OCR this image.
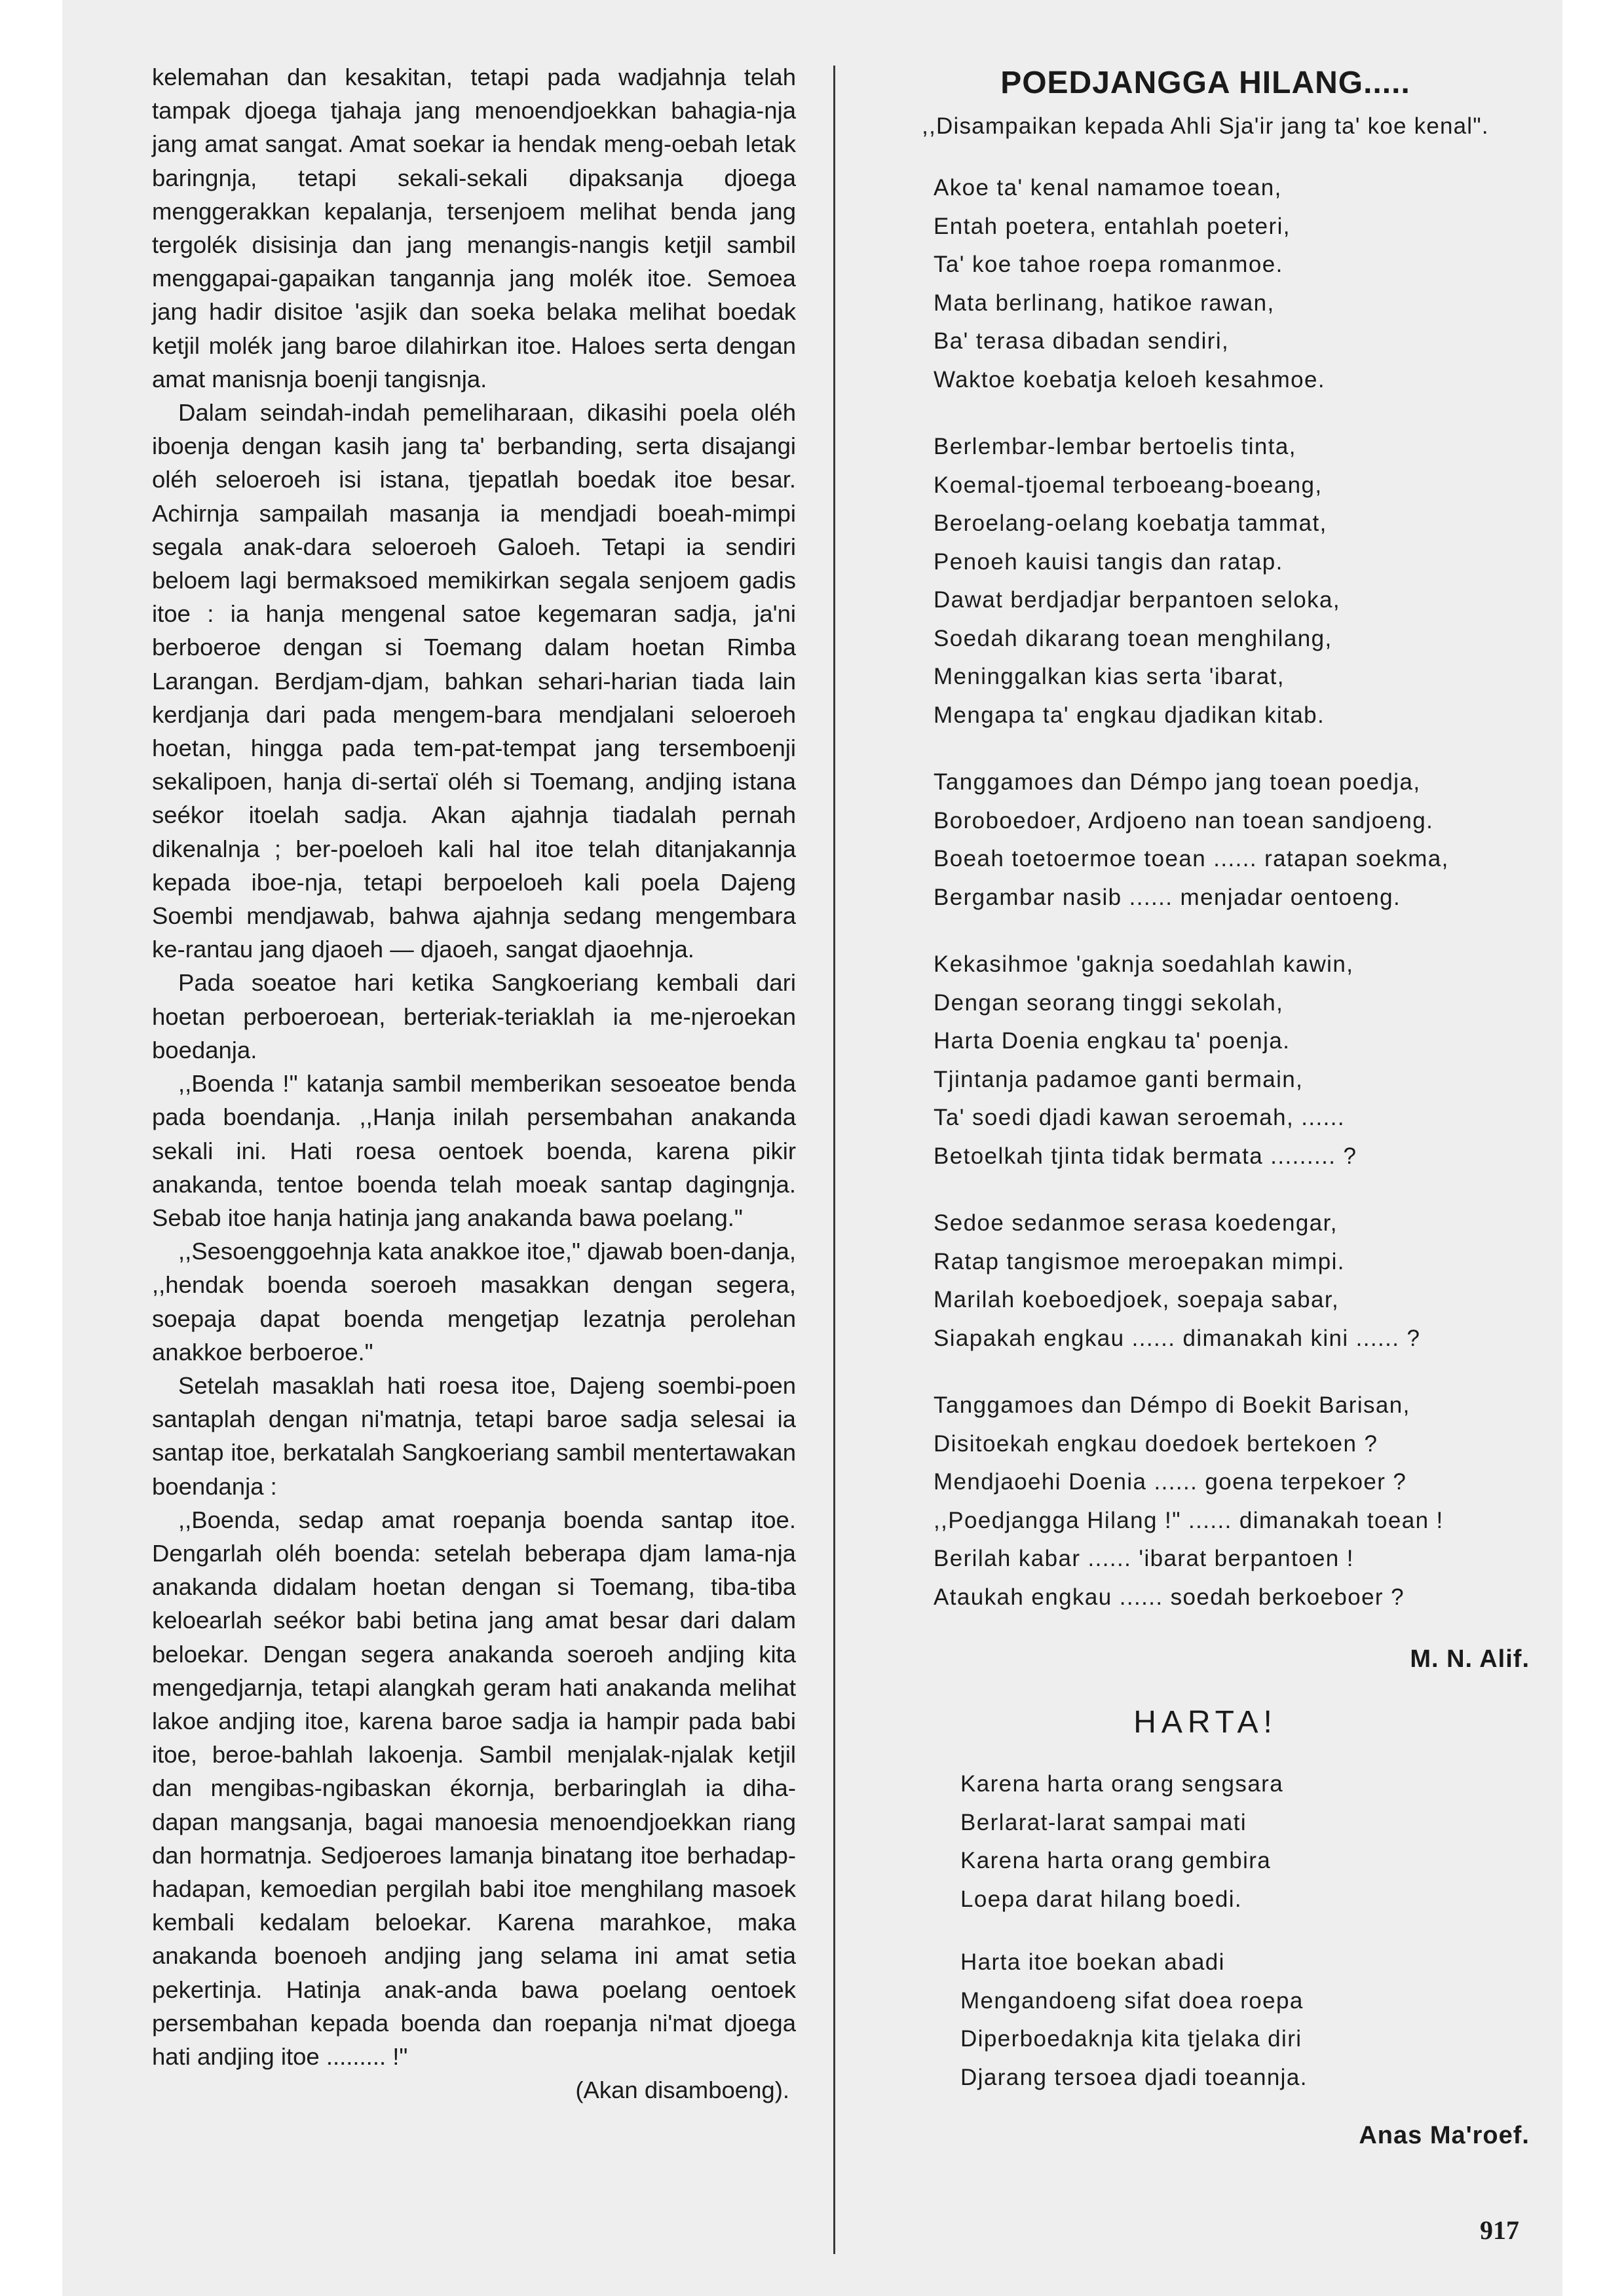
kelemahan dan kesakitan, tetapi pada wadjahnja telah tampak djoega tjahaja jang menoendjoekkan bahagia-nja jang amat sangat. Amat soekar ia hendak meng-oebah letak baringnja, tetapi sekali-sekali dipaksanja djoega menggerakkan kepalanja, tersenjoem melihat benda jang tergolék disisinja dan jang menangis-nangis ketjil sambil menggapai-gapaikan tangannja jang molék itoe. Semoea jang hadir disitoe 'asjik dan soeka belaka melihat boedak ketjil molék jang baroe dilahirkan itoe. Haloes serta dengan amat manisnja boenji tangisnja.

Dalam seindah-indah pemeliharaan, dikasihi poela oléh iboenja dengan kasih jang ta' berbanding, serta disajangi oléh seloeroeh isi istana, tjepatlah boedak itoe besar. Achirnja sampailah masanja ia mendjadi boeah-mimpi segala anak-dara seloeroeh Galoeh. Tetapi ia sendiri beloem lagi bermaksoed memikirkan segala senjoem gadis itoe : ia hanja mengenal satoe kegemaran sadja, ja'ni berboeroe dengan si Toemang dalam hoetan Rimba Larangan. Berdjam-djam, bahkan sehari-harian tiada lain kerdjanja dari pada mengem-bara mendjalani seloeroeh hoetan, hingga pada tem-pat-tempat jang tersemboenji sekalipoen, hanja di-sertaï oléh si Toemang, andjing istana seékor itoelah sadja. Akan ajahnja tiadalah pernah dikenalnja ; ber-poeloeh kali hal itoe telah ditanjakannja kepada iboe-nja, tetapi berpoeloeh kali poela Dajeng Soembi mendjawab, bahwa ajahnja sedang mengembara ke-rantau jang djaoeh — djaoeh, sangat djaoehnja.

Pada soeatoe hari ketika Sangkoeriang kembali dari hoetan perboeroean, berteriak-teriaklah ia me-njeroekan boedanja.

,,Boenda !" katanja sambil memberikan sesoeatoe benda pada boendanja. ,,Hanja inilah persembahan anakanda sekali ini. Hati roesa oentoek boenda, karena pikir anakanda, tentoe boenda telah moeak santap dagingnja. Sebab itoe hanja hatinja jang anakanda bawa poelang."

,,Sesoenggoehnja kata anakkoe itoe," djawab boen-danja, ,,hendak boenda soeroeh masakkan dengan segera, soepaja dapat boenda mengetjap lezatnja perolehan anakkoe berboeroe."

Setelah masaklah hati roesa itoe, Dajeng soembi-poen santaplah dengan ni'matnja, tetapi baroe sadja selesai ia santap itoe, berkatalah Sangkoeriang sambil mentertawakan boendanja :

,,Boenda, sedap amat roepanja boenda santap itoe. Dengarlah oléh boenda: setelah beberapa djam lama-nja anakanda didalam hoetan dengan si Toemang, tiba-tiba keloearlah seékor babi betina jang amat besar dari dalam beloekar. Dengan segera anakanda soeroeh andjing kita mengedjarnja, tetapi alangkah geram hati anakanda melihat lakoe andjing itoe, karena baroe sadja ia hampir pada babi itoe, beroe-bahlah lakoenja. Sambil menjalak-njalak ketjil dan mengibas-ngibaskan ékornja, berbaringlah ia diha-dapan mangsanja, bagai manoesia menoendjoekkan riang dan hormatnja. Sedjoeroes lamanja binatang itoe berhadap-hadapan, kemoedian pergilah babi itoe menghilang masoek kembali kedalam beloekar. Karena marahkoe, maka anakanda boenoeh andjing jang selama ini amat setia pekertinja. Hatinja anak-anda bawa poelang oentoek persembahan kepada boenda dan roepanja ni'mat djoega hati andjing itoe ......... !"

(Akan disamboeng).
POEDJANGGA HILANG.....
,,Disampaikan kepada Ahli Sja'ir jang ta' koe kenal".
Akoe ta' kenal namamoe toean,
Entah poetera, entahlah poeteri,
Ta' koe tahoe roepa romanmoe.
Mata berlinang, hatikoe rawan,
Ba' terasa dibadan sendiri,
Waktoe koebatja keloeh kesahmoe.
Berlembar-lembar bertoelis tinta,
Koemal-tjoemal terboeang-boeang,
Beroelang-oelang koebatja tammat,
Penoeh kauisi tangis dan ratap.
Dawat berdjadjar berpantoen seloka,
Soedah dikarang toean menghilang,
Meninggalkan kias serta 'ibarat,
Mengapa ta' engkau djadikan kitab.
Tanggamoes dan Démpo jang toean poedja,
Boroboedoer, Ardjoeno nan toean sandjoeng.
Boeah toetoermoe toean ...... ratapan soekma,
Bergambar nasib ...... menjadar oentoeng.
Kekasihmoe 'gaknja soedahlah kawin,
Dengan seorang tinggi sekolah,
Harta Doenia engkau ta' poenja.
Tjintanja padamoe ganti bermain,
Ta' soedi djadi kawan seroemah, ......
Betoelkah tjinta tidak bermata ......... ?
Sedoe sedanmoe serasa koedengar,
Ratap tangismoe meroepakan mimpi.
Marilah koeboedjoek, soepaja sabar,
Siapakah engkau ...... dimanakah kini ...... ?
Tanggamoes dan Démpo di Boekit Barisan,
Disitoekah engkau doedoek bertekoen ?
Mendjaoehi Doenia ...... goena terpekoer ?
,,Poedjangga Hilang !" ...... dimanakah toean !
Berilah kabar ...... 'ibarat berpantoen !
Ataukah engkau ...... soedah berkoeboer ?
M. N. Alif.
HARTA!
Karena harta orang sengsara
Berlarat-larat sampai mati
Karena harta orang gembira
Loepa darat hilang boedi.
Harta itoe boekan abadi
Mengandoeng sifat doea roepa
Diperboedaknja kita tjelaka diri
Djarang tersoea djadi toeannja.
Anas Ma'roef.
917
